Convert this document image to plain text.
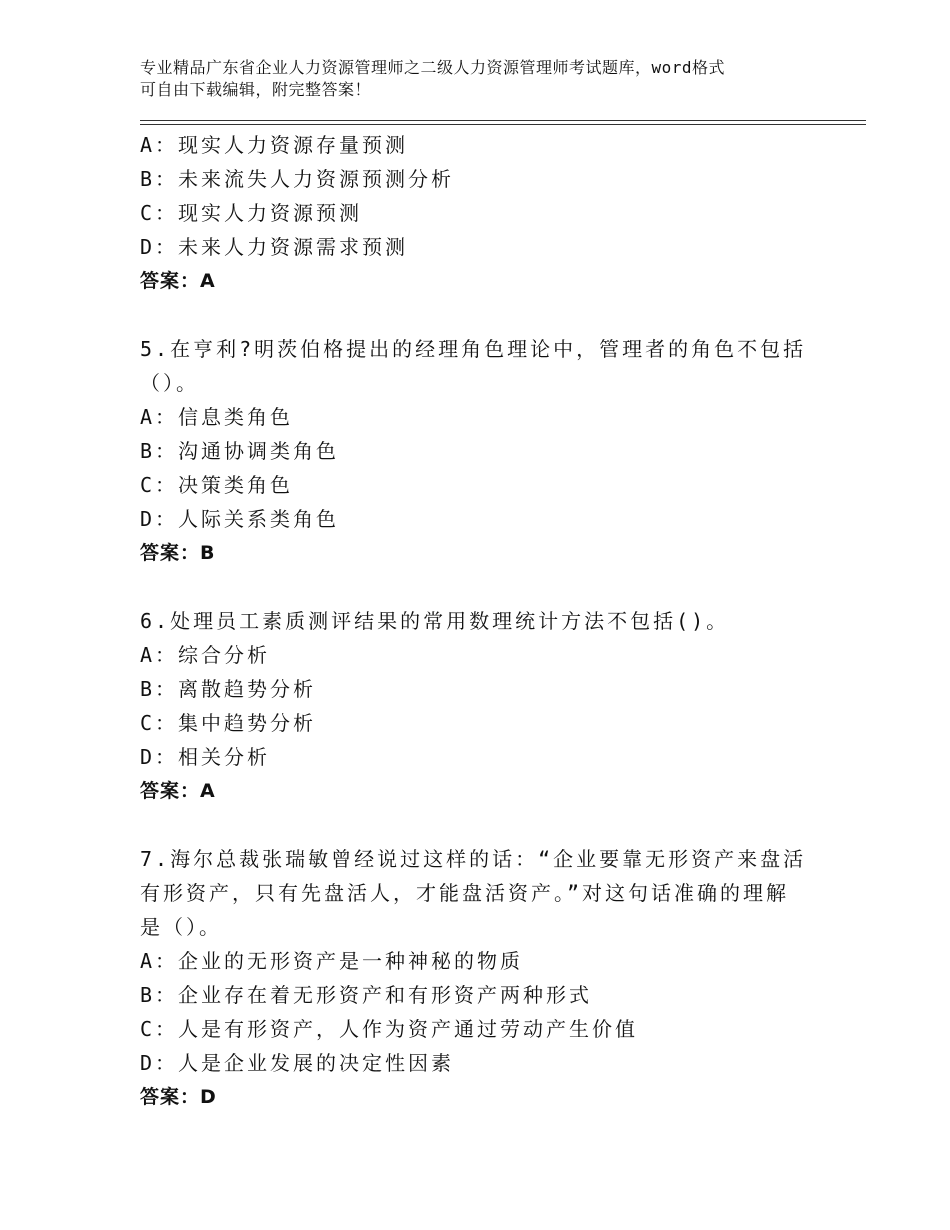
专业精品广东省企业人力资源管理师之二级人力资源管理师考试题库，word格式
可自由下载编辑，附完整答案！
A：现实人力资源存量预测
B：未来流失人力资源预测分析
C：现实人力资源预测
D：未来人力资源需求预测
答案：A
5.在亨利?明茨伯格提出的经理角色理论中，管理者的角色不包括（）。
A：信息类角色
B：沟通协调类角色
C：决策类角色
D：人际关系类角色
答案：B
6.处理员工素质测评结果的常用数理统计方法不包括()。
A：综合分析
B：离散趋势分析
C：集中趋势分析
D：相关分析
答案：A
7.海尔总裁张瑞敏曾经说过这样的话：“企业要靠无形资产来盘活有形资产，只有先盘活人，才能盘活资产。”对这句话准确的理解是（）。
A：企业的无形资产是一种神秘的物质
B：企业存在着无形资产和有形资产两种形式
C：人是有形资产，人作为资产通过劳动产生价值
D：人是企业发展的决定性因素
答案：D
